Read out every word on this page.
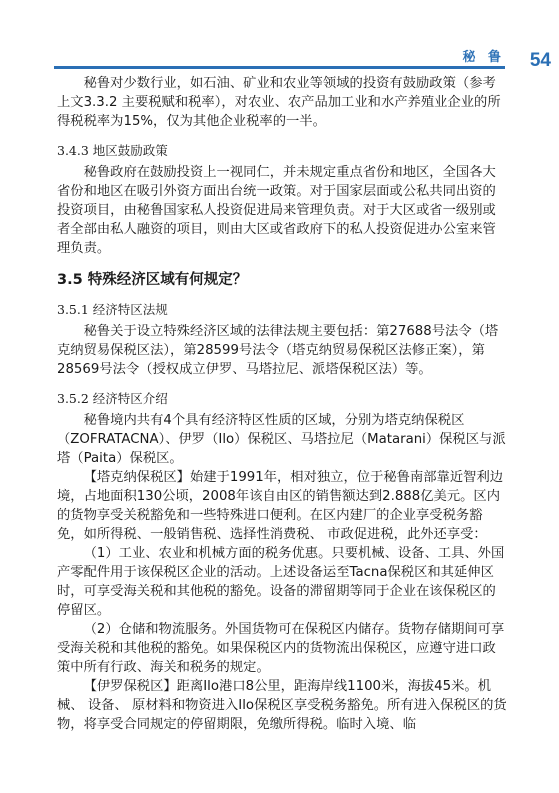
秘 鲁 54

秘鲁对少数行业，如石油、矿业和农业等领域的投资有鼓励政策（参考上文3.3.2 主要税赋和税率），对农业、农产品加工业和水产养殖业企业的所得税税率为15%，仅为其他企业税率的一半。

3.4.3 地区鼓励政策

秘鲁政府在鼓励投资上一视同仁，并未规定重点省份和地区，全国各大省份和地区在吸引外资方面出台统一政策。对于国家层面或公私共同出资的投资项目，由秘鲁国家私人投资促进局来管理负责。对于大区或省一级别或者全部由私人融资的项目，则由大区或省政府下的私人投资促进办公室来管理负责。

3.5 特殊经济区域有何规定？

3.5.1 经济特区法规

秘鲁关于设立特殊经济区域的法律法规主要包括：第27688号法令（塔克纳贸易保税区法），第28599号法令（塔克纳贸易保税区法修正案），第28569号法令（授权成立伊罗、马塔拉尼、派塔保税区法）等。

3.5.2 经济特区介绍

秘鲁境内共有4个具有经济特区性质的区域，分别为塔克纳保税区（ZOFRATACNA）、伊罗（Ilo）保税区、马塔拉尼（Matarani）保税区与派塔（Paita）保税区。

【塔克纳保税区】始建于1991年，相对独立，位于秘鲁南部靠近智利边境，占地面积130公顷，2008年该自由区的销售额达到2.888亿美元。区内的货物享受关税豁免和一些特殊进口便利。在区内建厂的企业享受税务豁免，如所得税、一般销售税、选择性消费税、 市政促进税，此外还享受：

（1）工业、农业和机械方面的税务优惠。只要机械、设备、工具、外国产零配件用于该保税区企业的活动。上述设备运至Tacna保税区和其延伸区时，可享受海关税和其他税的豁免。设备的滞留期等同于企业在该保税区的停留区。

（2）仓储和物流服务。外国货物可在保税区内储存。货物存储期间可享受海关税和其他税的豁免。如果保税区内的货物流出保税区，应遵守进口政策中所有行政、海关和税务的规定。

【伊罗保税区】距离Ilo港口8公里，距海岸线1100米，海拔45米。机械、 设备、 原材料和物资进入Ilo保税区享受税务豁免。所有进入保税区的货物，将享受合同规定的停留期限，免缴所得税。临时入境、临
